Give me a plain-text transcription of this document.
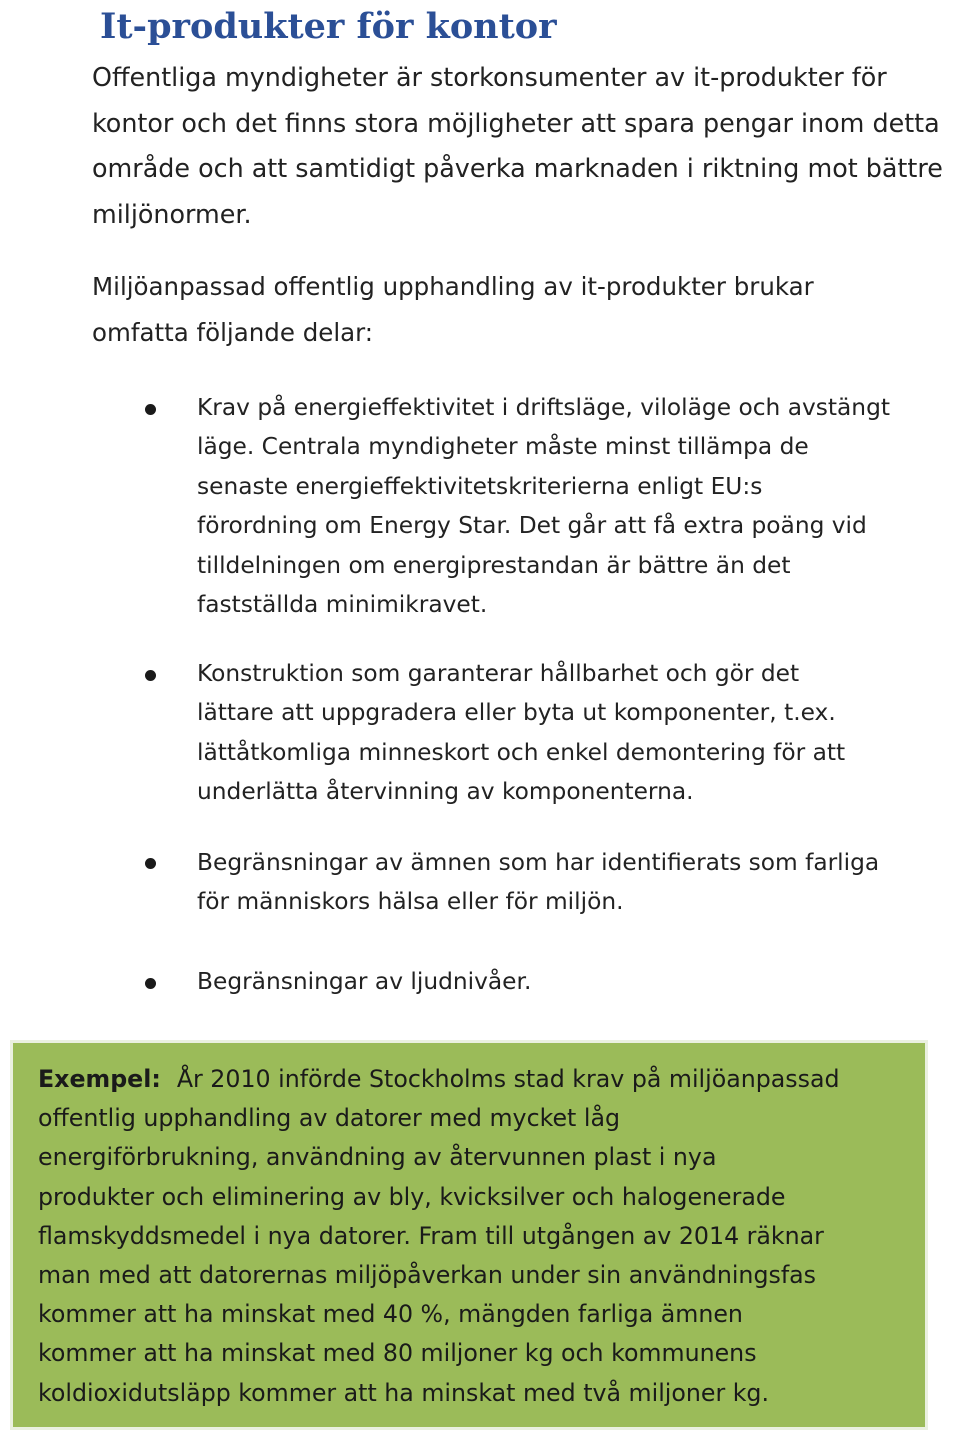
It-produkter för kontor

Offentliga myndigheter är storkonsumenter av it-produkter för

kontor och det finns stora möjligheter att spara pengar inom detta

område och att samtidigt påverka marknaden i riktning mot bättre

miljönormer.

Miljöanpassad offentlig upphandling av it-produkter brukar

omfatta följande delar:

Krav på energieffektivitet i driftsläge, viloläge och avstängt
läge. Centrala myndigheter måste minst tillämpa de
senaste energieffektivitetskriterierna enligt EU:s
förordning om Energy Star. Det går att få extra poäng vid
tilldelningen om energiprestandan är bättre än det
fastställda minimikravet.
Konstruktion som garanterar hållbarhet och gör det
lättare att uppgradera eller byta ut komponenter, t.ex.
lättåtkomliga minneskort och enkel demontering för att
underlätta återvinning av komponenterna.
Begränsningar av ämnen som har identifierats som farliga
för människors hälsa eller för miljön.
Begränsningar av ljudnivåer.
Exempel: År 2010 införde Stockholms stad krav på miljöanpassad
offentlig upphandling av datorer med mycket låg
energiförbrukning, användning av återvunnen plast i nya
produkter och eliminering av bly, kvicksilver och halogenerade
flamskyddsmedel i nya datorer. Fram till utgången av 2014 räknar
man med att datorernas miljöpåverkan under sin användningsfas
kommer att ha minskat med 40 %, mängden farliga ämnen
kommer att ha minskat med 80 miljoner kg och kommunens
koldioxidutsläpp kommer att ha minskat med två miljoner kg.
